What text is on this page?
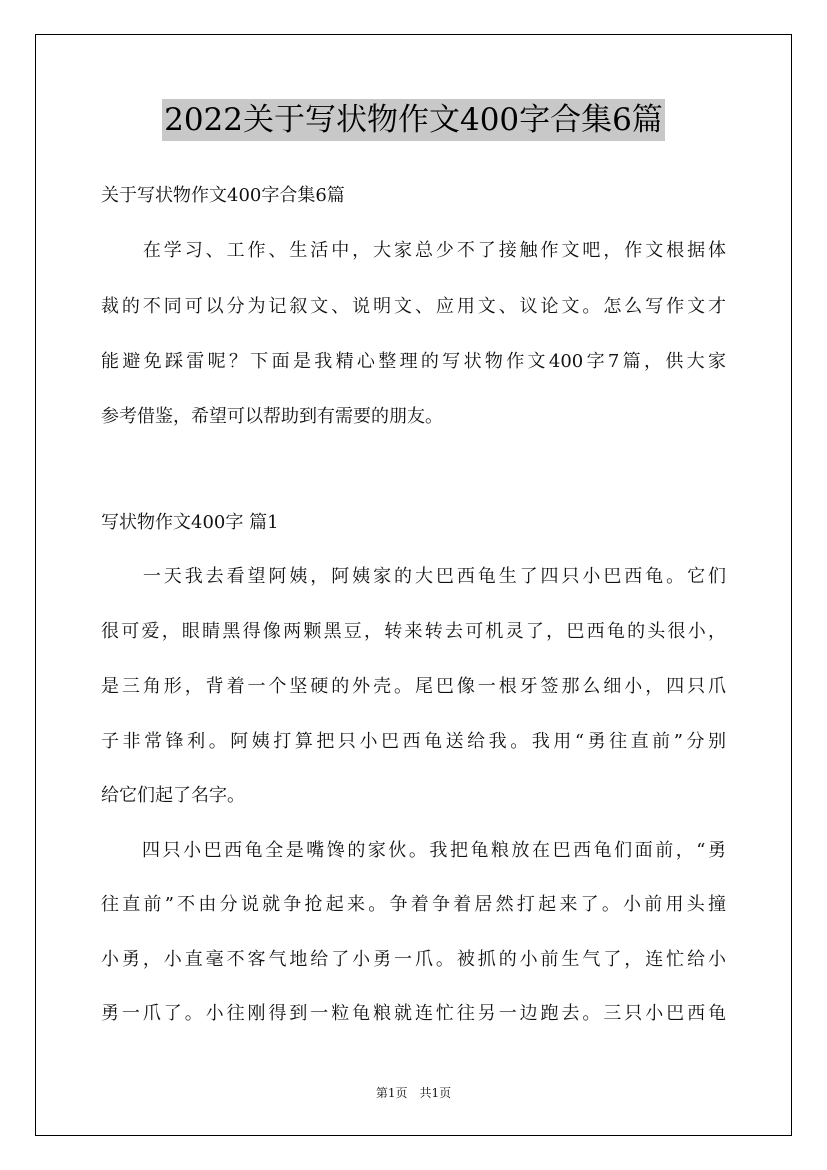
2022关于写状物作文400字合集6篇
关于写状物作文400字合集6篇
　　在学习、工作、生活中，大家总少不了接触作文吧，作文根据体
裁的不同可以分为记叙文、说明文、应用文、议论文。怎么写作文才
能避免踩雷呢？下面是我精心整理的写状物作文400字7篇，供大家
参考借鉴，希望可以帮助到有需要的朋友。
写状物作文400字 篇1
　　一天我去看望阿姨，阿姨家的大巴西龟生了四只小巴西龟。它们
很可爱，眼睛黑得像两颗黑豆，转来转去可机灵了，巴西龟的头很小，
是三角形，背着一个坚硬的外壳。尾巴像一根牙签那么细小，四只爪
子非常锋利。阿姨打算把只小巴西龟送给我。我用“勇往直前”分别
给它们起了名字。
　　四只小巴西龟全是嘴馋的家伙。我把龟粮放在巴西龟们面前，“勇
往直前”不由分说就争抢起来。争着争着居然打起来了。小前用头撞
小勇，小直毫不客气地给了小勇一爪。被抓的小前生气了，连忙给小
勇一爪了。小往刚得到一粒龟粮就连忙往另一边跑去。三只小巴西龟
第1页　共1页
